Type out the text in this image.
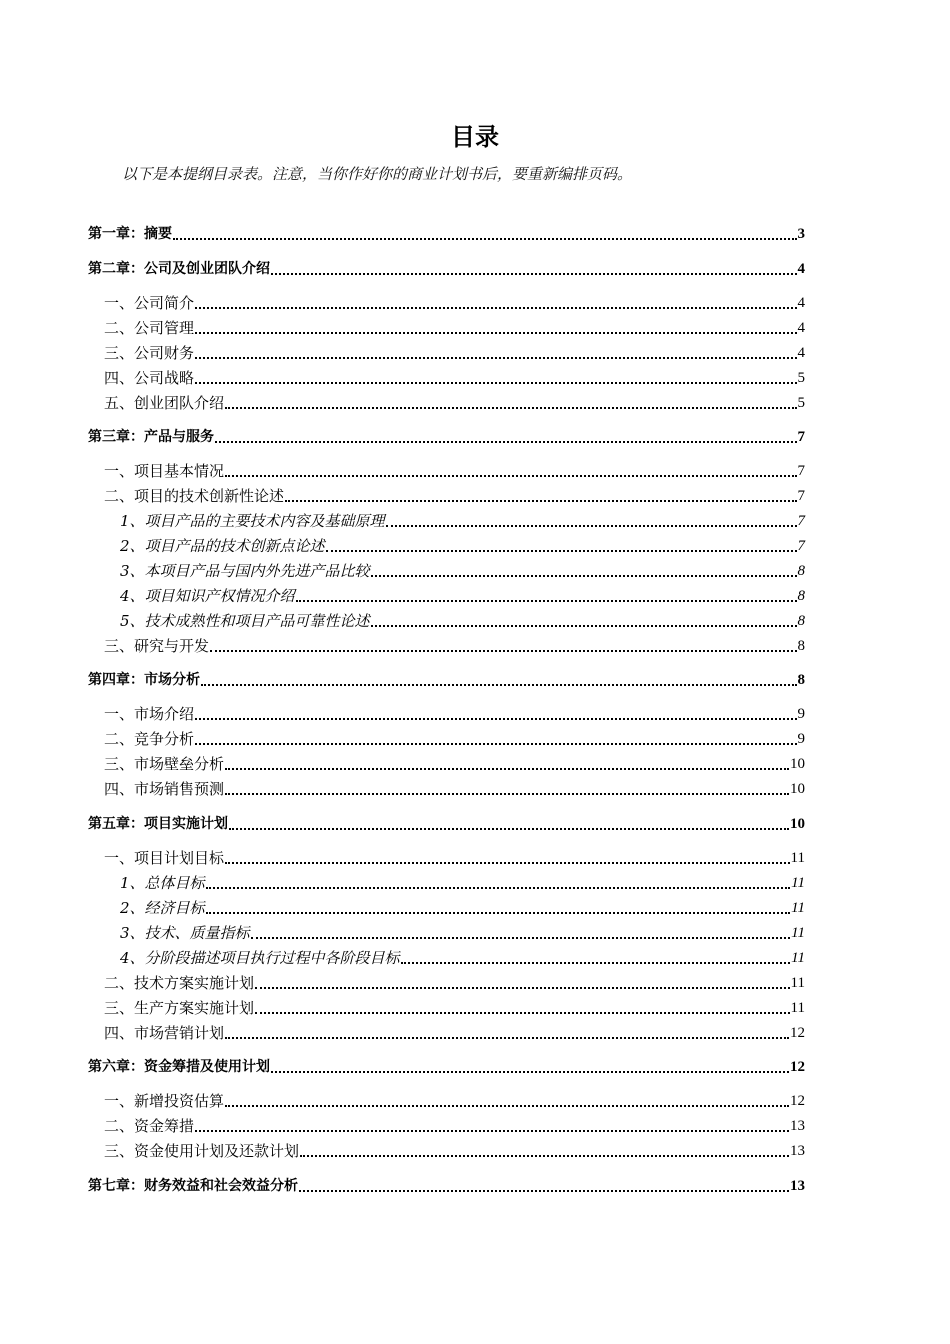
目录
以下是本提纲目录表。注意，当你作好你的商业计划书后，要重新编排页码。
第一章：摘要	3
第二章：公司及创业团队介绍	4
一、公司简介	4
二、公司管理	4
三、公司财务	4
四、公司战略	5
五、创业团队介绍	5
第三章：产品与服务	7
一、项目基本情况	7
二、项目的技术创新性论述	7
1、项目产品的主要技术内容及基础原理	7
2、项目产品的技术创新点论述	7
3、本项目产品与国内外先进产品比较	8
4、项目知识产权情况介绍	8
5、技术成熟性和项目产品可靠性论述	8
三、研究与开发	8
第四章：市场分析	8
一、市场介绍	9
二、竞争分析	9
三、市场壁垒分析	10
四、市场销售预测	10
第五章：项目实施计划	10
一、项目计划目标	11
1、总体目标	11
2、经济目标	11
3、技术、质量指标	11
4、分阶段描述项目执行过程中各阶段目标	11
二、技术方案实施计划	11
三、生产方案实施计划	11
四、市场营销计划	12
第六章：资金筹措及使用计划	12
一、新增投资估算	12
二、资金筹措	13
三、资金使用计划及还款计划	13
第七章：财务效益和社会效益分析	13
